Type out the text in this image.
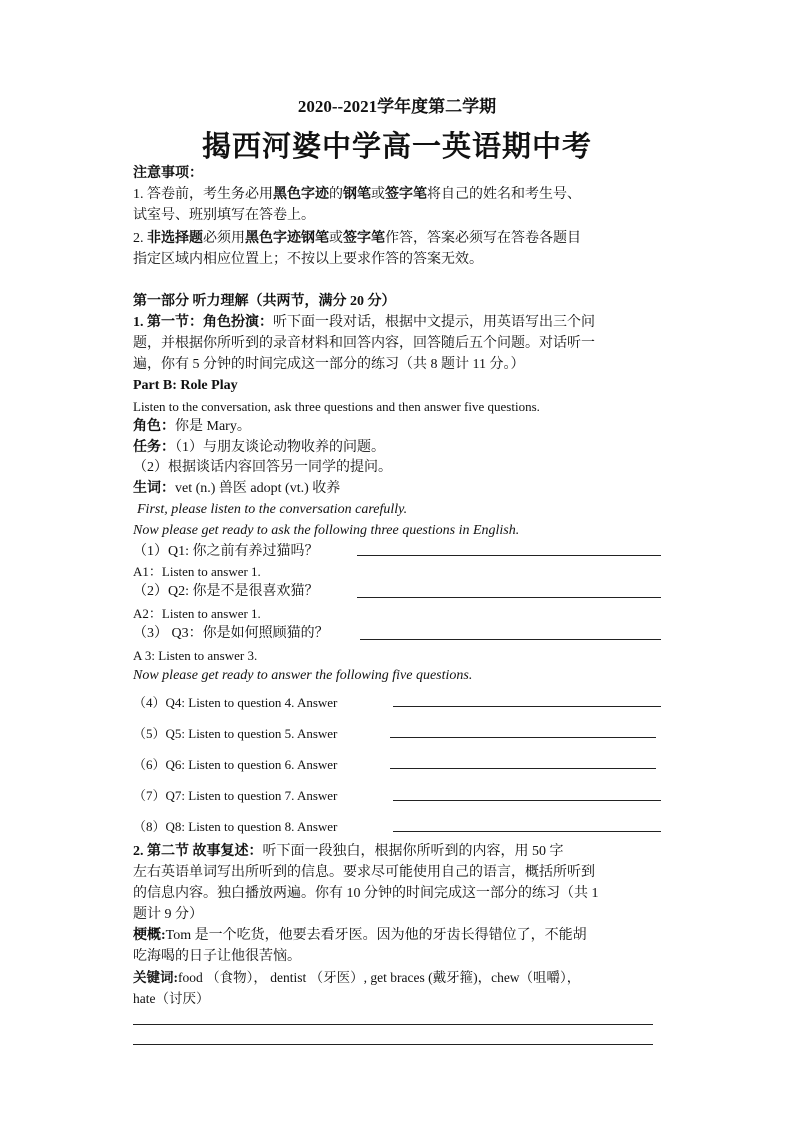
2020--2021学年度第二学期
揭西河婆中学高一英语期中考
注意事项：
1. 答卷前，考生务必用黑色字迹的钢笔或签字笔将自己的姓名和考生号、
试室号、班别填写在答卷上。
2. 非选择题必须用黑色字迹钢笔或签字笔作答，答案必须写在答卷各题目
指定区域内相应位置上；不按以上要求作答的答案无效。
第一部分 听力理解（共两节，满分 20 分）
1. 第一节：角色扮演：听下面一段对话，根据中文提示，用英语写出三个问
题，并根据你所听到的录音材料和回答内容，回答随后五个问题。对话听一
遍，你有 5 分钟的时间完成这一部分的练习（共 8 题计 11 分。）
Part B: Role Play
Listen to the conversation, ask three questions and then answer five questions.
角色：你是 Mary。
任务：（1）与朋友谈论动物收养的问题。
（2）根据谈话内容回答另一同学的提问。
生词：vet (n.) 兽医 adopt (vt.) 收养
First, please listen to the conversation carefully.
Now please get ready to ask the following three questions in English.
（1）Q1: 你之前有养过猫吗？
A1：Listen to answer 1.
（2）Q2: 你是不是很喜欢猫？
A2：Listen to answer 1.
（3） Q3：你是如何照顾猫的？
A 3: Listen to answer 3.
Now please get ready to answer the following five questions.
（4）Q4: Listen to question 4. Answer
（5）Q5: Listen to question 5. Answer
（6）Q6: Listen to question 6. Answer
（7）Q7: Listen to question 7. Answer
（8）Q8: Listen to question 8. Answer
2. 第二节 故事复述：听下面一段独白，根据你所听到的内容，用 50 字
左右英语单词写出所听到的信息。要求尽可能使用自己的语言，概括所听到
的信息内容。独白播放两遍。你有 10 分钟的时间完成这一部分的练习（共 1
题计 9 分）
梗概:Tom 是一个吃货，他要去看牙医。因为他的牙齿长得错位了，不能胡
吃海喝的日子让他很苦恼。
关键词:food （食物）， dentist （牙医）, get braces (戴牙箍)，chew（咀嚼），
hate（讨厌）
